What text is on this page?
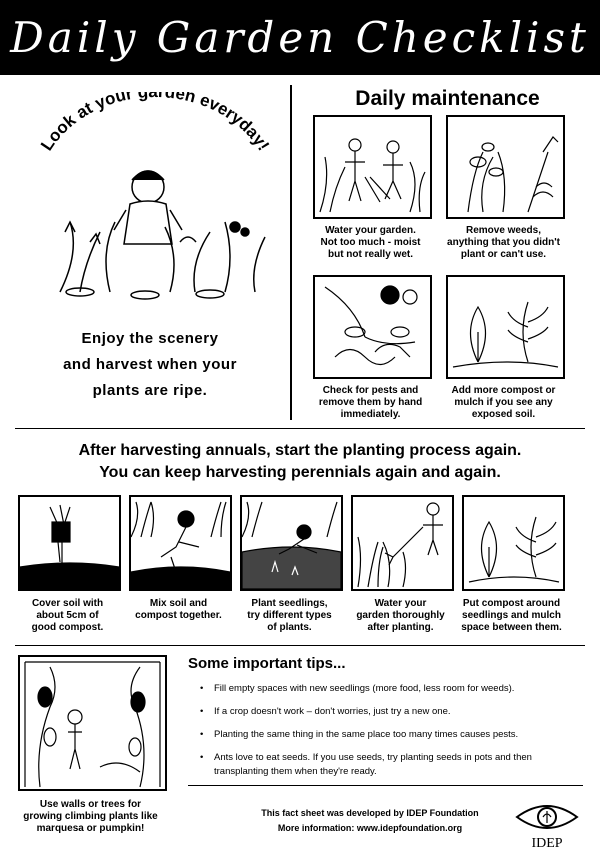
Daily Garden Checklist
Look at your g den everyday!
Enjoy the scenery
and harvest when your
plants are ripe.
Daily maintenance
Water your garden.
Not too much - moist
but not really wet.
Remove weeds,
anything that you didn't
plant or can't use.
Check for pests and
remove them by hand
immediately.
Add more compost or
mulch if you see any
exposed soil.
After harvesting annuals, start the planting process again.
You can keep harvesting perennials again and again.
Cover soil with
about 5cm of
good compost.
Mix soil and
compost together.
Plant seedlings,
try different types
of plants.
Water your
garden thoroughly
after planting.
Put compost around
seedlings and mulch
space between them.
Use walls or trees for
growing climbing plants like
marquesa or pumpkin!
Some important tips...
• Fill empty spaces with new seedlings (more food, less room for weeds).
• If a crop doesn't work – don't worries, just try a new one.
• Planting the same thing in the same place too many times causes pests.
• Ants love to eat seeds. If you use seeds, try planting seeds in pots and then transplanting them when they're ready.
This fact sheet was developed by IDEP Foundation
More information: www.idepfoundation.org
IDEP
